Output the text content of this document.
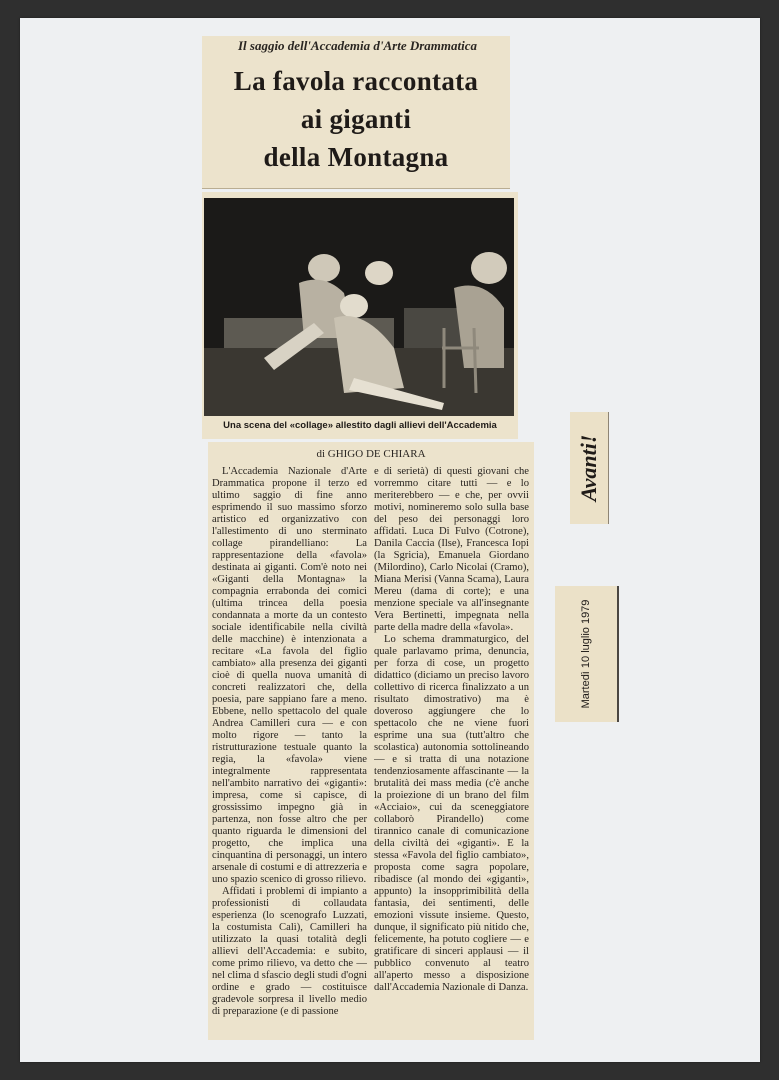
Il saggio dell'Accademia d'Arte Drammatica
La favola raccontata
ai giganti
della Montagna
Una scena del «collage» allestito dagli allievi dell'Accademia
di GHIGO DE CHIARA

L'Accademia Nazionale d'Arte Drammatica propone il terzo ed ultimo saggio di fine anno esprimendo il suo massimo sforzo artistico ed organizzativo con l'allestimento di uno sterminato collage pirandelliano: La rappresentazione della «favola» destinata ai giganti. Com'è noto nei «Giganti della Montagna» la compagnia errabonda dei comici (ultima trincea della poesia condannata a morte da un contesto sociale identificabile nella civiltà delle macchine) è intenzionata a recitare «La favola del figlio cambiato» alla presenza dei giganti cioè di quella nuova umanità di concreti realizzatori che, della poesia, pare sappiano fare a meno. Ebbene, nello spettacolo del quale Andrea Camilleri cura — e con molto rigore — tanto la ristrutturazione testuale quanto la regia, la «favola» viene integralmente rappresentata nell'ambito narrativo dei «giganti»: impresa, come si capisce, di grossissimo impegno già in partenza, non fosse altro che per quanto riguarda le dimensioni del progetto, che implica una cinquantina di personaggi, un intero arsenale di costumi e di attrezzeria e uno spazio scenico di grosso rilievo.

Affidati i problemi di impianto a professionisti di collaudata esperienza (lo scenografo Luzzati, la costumista Calì), Camilleri ha utilizzato la quasi totalità degli allievi dell'Accademia: e subito, come primo rilievo, va detto che — nel clima d sfascio degli studi d'ogni ordine e grado — costituisce gradevole sorpresa il livello medio di preparazione (e di passione

e di serietà) di questi giovani che vorremmo citare tutti — e lo meriterebbero — e che, per ovvii motivi, nomineremo solo sulla base del peso dei personaggi loro affidati. Luca Di Fulvo (Cotrone), Danila Caccia (Ilse), Francesca Iopi (la Sgricia), Emanuela Giordano (Milordino), Carlo Nicolai (Cramo), Miana Merisi (Vanna Scama), Laura Mereu (dama di corte); e una menzione speciale va all'insegnante Vera Bertinetti, impegnata nella parte della madre della «favola».

Lo schema drammaturgico, del quale parlavamo prima, denuncia, per forza di cose, un progetto didattico (diciamo un preciso lavoro collettivo di ricerca finalizzato a un risultato dimostrativo) ma è doveroso aggiungere che lo spettacolo che ne viene fuori esprime una sua (tutt'altro che scolastica) autonomia sottolineando — e si tratta di una notazione tendenziosamente affascinante — la brutalità dei mass media (c'è anche la proiezione di un brano del film «Acciaio», cui da sceneggiatore collaborò Pirandello) come tirannico canale di comunicazione della civiltà dei «giganti». E la stessa «Favola del figlio cambiato», proposta come sagra popolare, ribadisce (al mondo dei «giganti», appunto) la insopprimibilità della fantasia, dei sentimenti, delle emozioni vissute insieme. Questo, dunque, il significato più nitido che, felicemente, ha potuto cogliere — e gratificare di sinceri applausi — il pubblico convenuto al teatro all'aperto messo a disposizione dall'Accademia Nazionale di Danza.

Avanti!
Martedì 10 luglio 1979
